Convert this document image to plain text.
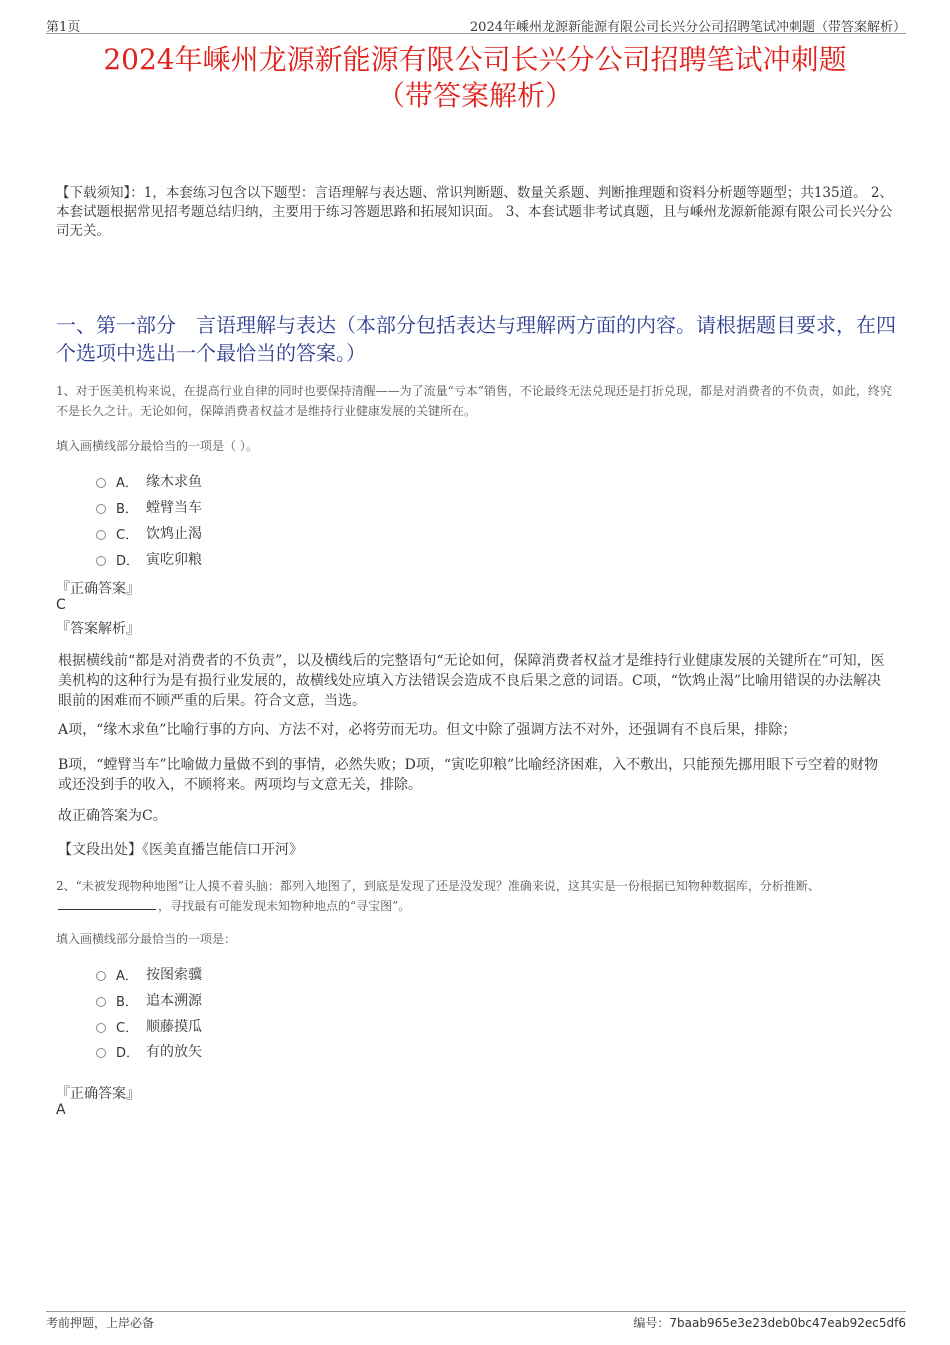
第1页	2024年嵊州龙源新能源有限公司长兴分公司招聘笔试冲刺题（带答案解析）
2024年嵊州龙源新能源有限公司长兴分公司招聘笔试冲刺题
（带答案解析）
【下载须知】：1，本套练习包含以下题型：言语理解与表达题、常识判断题、数量关系题、判断推理题和资料分析题等题型；共135道。 2、本套试题根据常见招考题总结归纳，主要用于练习答题思路和拓展知识面。 3、本套试题非考试真题，且与嵊州龙源新能源有限公司长兴分公司无关。
一、第一部分　言语理解与表达（本部分包括表达与理解两方面的内容。请根据题目要求，在四个选项中选出一个最恰当的答案。）
1、对于医美机构来说，在提高行业自律的同时也要保持清醒——为了流量“亏本”销售，不论最终无法兑现还是打折兑现，都是对消费者的不负责，如此，终究不是长久之计。无论如何，保障消费者权益才是维持行业健康发展的关键所在。
填入画横线部分最恰当的一项是（ ）。
A． 缘木求鱼
B． 螳臂当车
C． 饮鸩止渴
D． 寅吃卯粮
『正确答案』
C
『答案解析』
根据横线前“都是对消费者的不负责”，以及横线后的完整语句“无论如何，保障消费者权益才是维持行业健康发展的关键所在”可知，医美机构的这种行为是有损行业发展的，故横线处应填入方法错误会造成不良后果之意的词语。C项，“饮鸩止渴”比喻用错误的办法解决眼前的困难而不顾严重的后果。符合文意，当选。
A项，“缘木求鱼”比喻行事的方向、方法不对，必将劳而无功。但文中除了强调方法不对外，还强调有不良后果，排除；
B项，“螳臂当车”比喻做力量做不到的事情，必然失败；D项，“寅吃卯粮”比喻经济困难，入不敷出，只能预先挪用眼下亏空着的财物或还没到手的收入，不顾将来。两项均与文意无关，排除。
故正确答案为C。
【文段出处】《医美直播岂能信口开河》
2、“未被发现物种地图”让人摸不着头脑：都列入地图了，到底是发现了还是没发现？准确来说，这其实是一份根据已知物种数据库，分析推断、，寻找最有可能发现未知物种地点的“寻宝图”。
填入画横线部分最恰当的一项是：
A． 按图索骥
B． 追本溯源
C． 顺藤摸瓜
D． 有的放矢
『正确答案』
A
考前押题，上岸必备	编号：7baab965e3e23deb0bc47eab92ec5df6
